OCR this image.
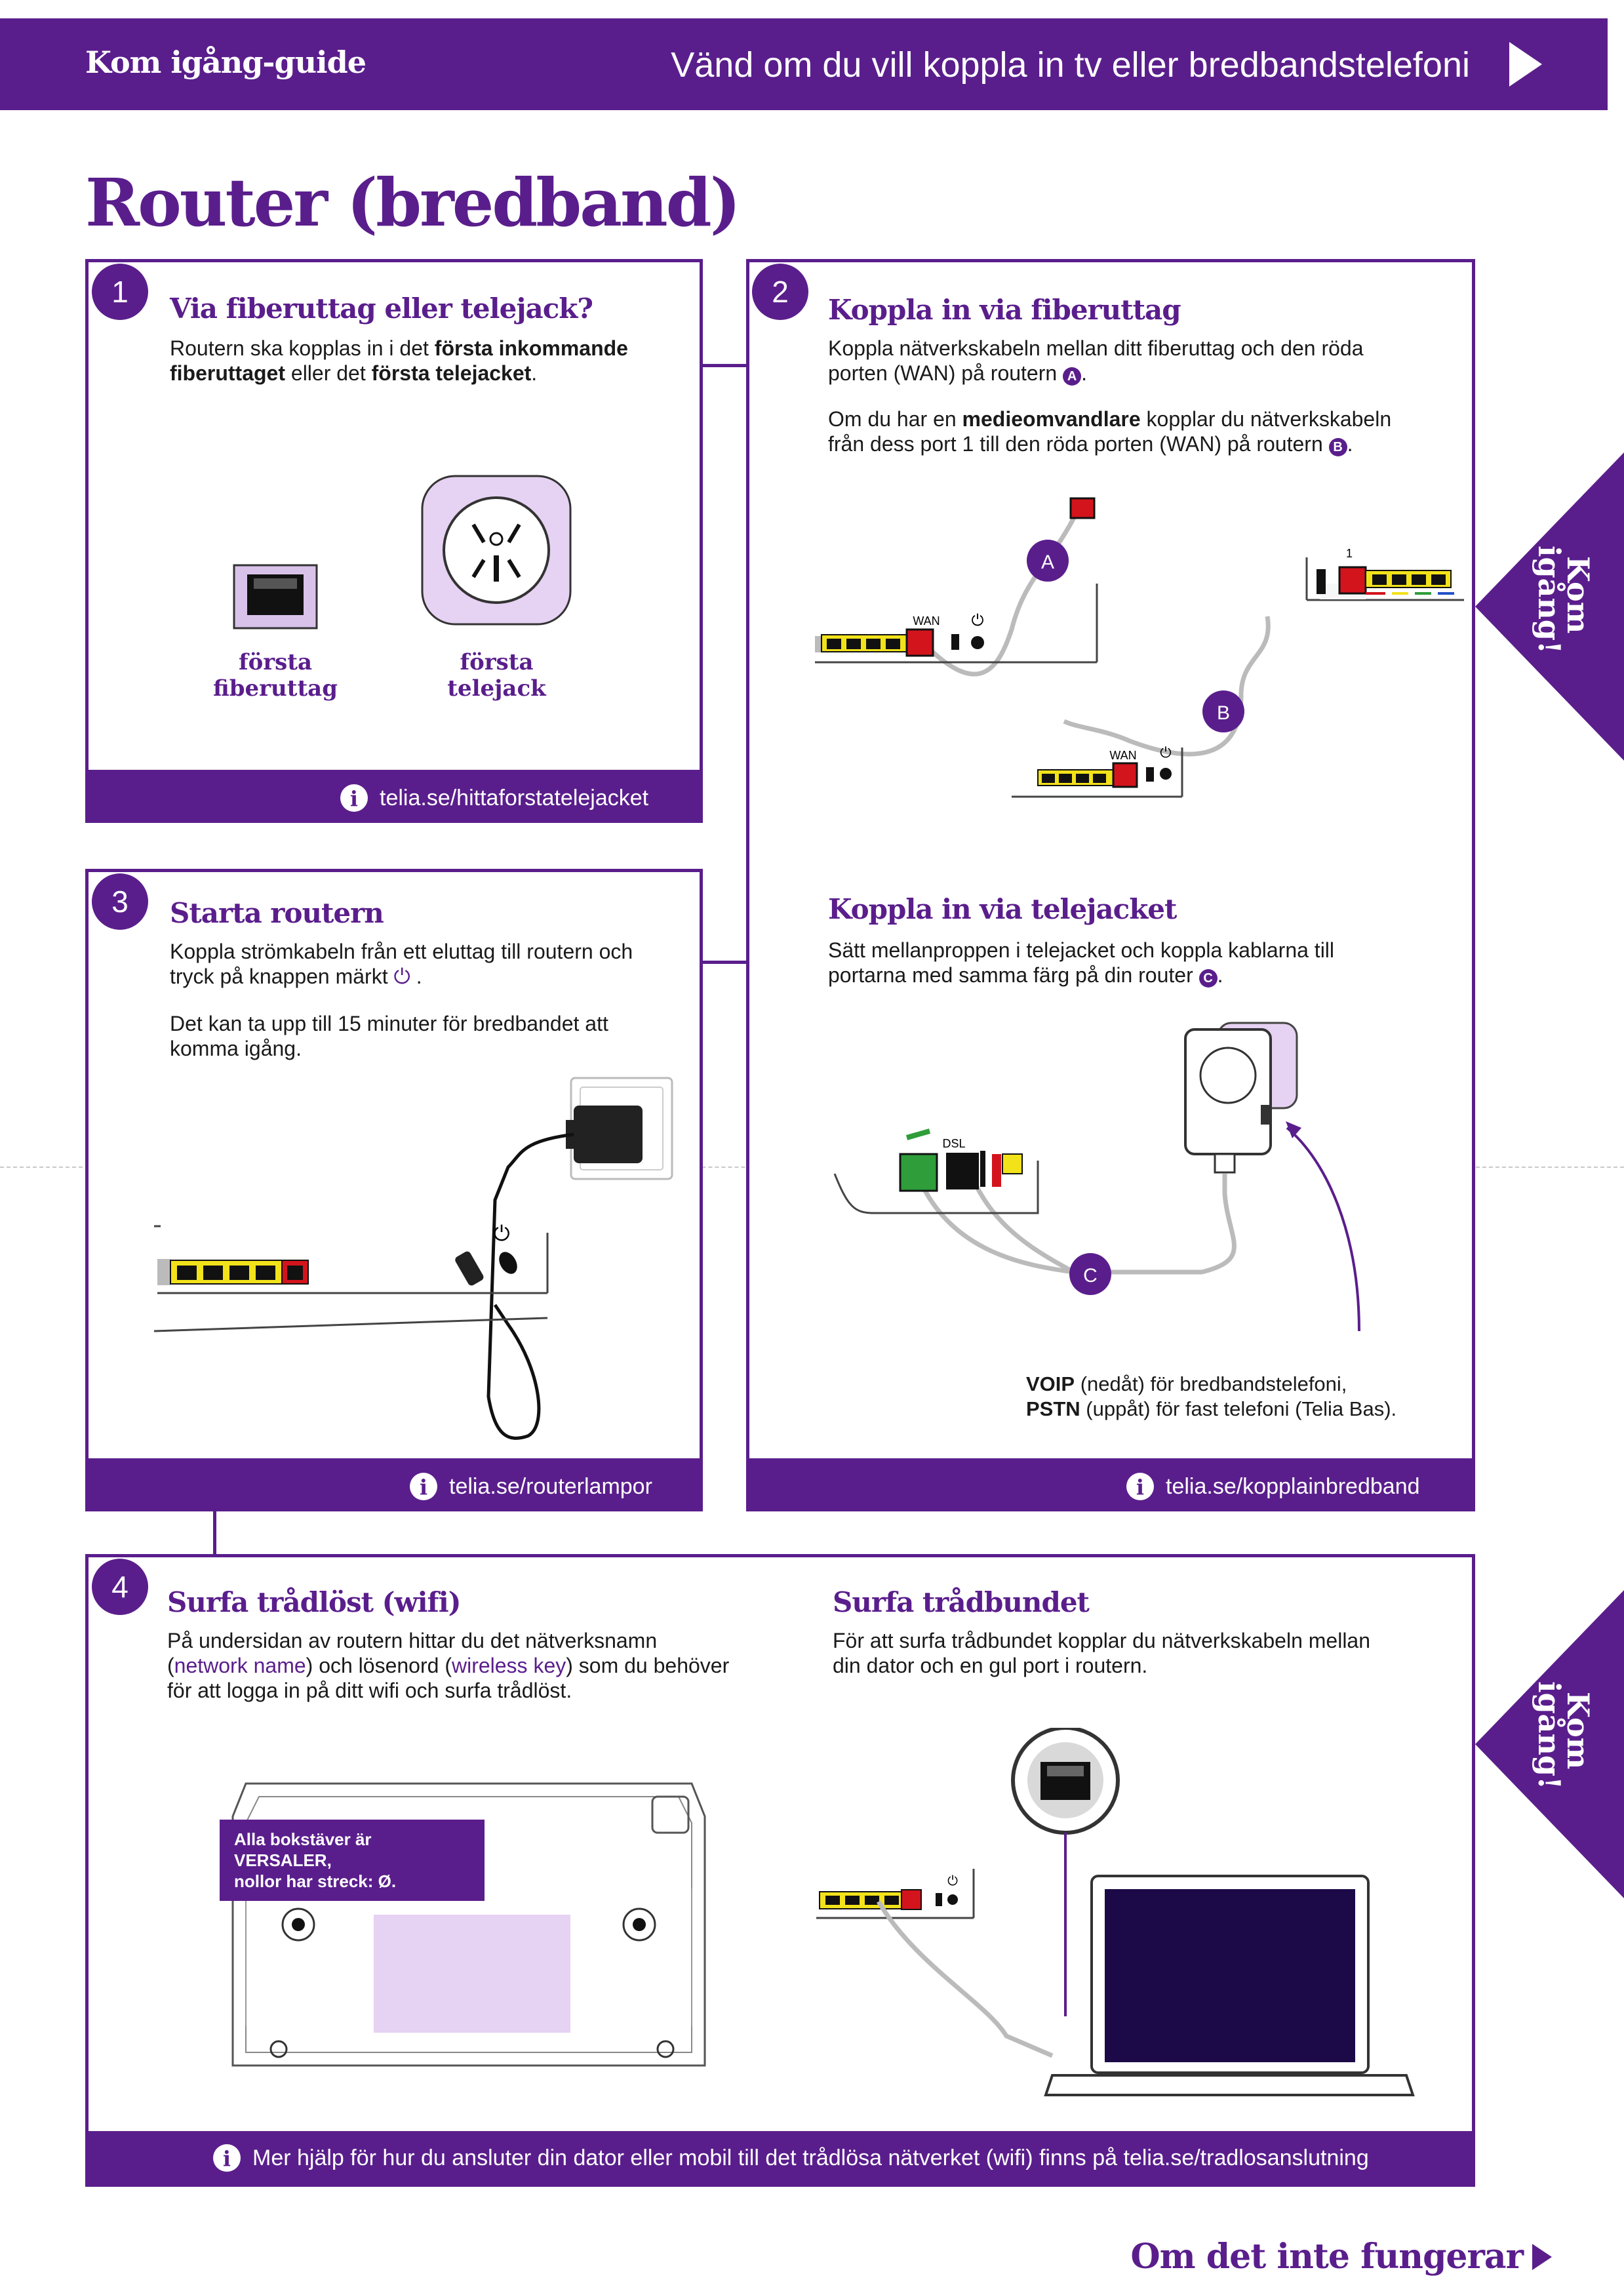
Kom igång-guide	Vänd om du vill koppla in tv eller bredbandstelefoni
Router (bredband)
Kom
igång!
Kom
igång!
Routern ska kopplas in i det första inkommande fiberuttaget eller det första telejacket.
Via fiberuttag eller telejack?
första
fiberuttag
första
telejack
i telia.se/hittaforstatelejacket
1
Koppla in via fiberuttag
Koppla nätverkskabeln mellan ditt fiberuttag och den röda porten (WAN) på routern A .
Om du har en medieomvandlare kopplar du nätverkskabeln från dess port 1 till den röda porten (WAN) på routern B .
A
WAN ⏻
B
1
WAN ⏻
Koppla in via telejacket
Sätt mellanproppen i telejacket och koppla kablarna till portarna med samma färg på din router C .
C
DSL
VOIP (nedåt) för bredbandstelefoni,
PSTN (uppåt) för fast telefoni (Telia Bas).
i telia.se/kopplainbredband
2
Starta routern
Koppla strömkabeln från ett eluttag till routern och tryck på knappen märkt ⏻ .
Det kan ta upp till 15 minuter för bredbandet att komma igång.
⏻
i telia.se/routerlampor
3
Surfa trådlöst (wifi)
På undersidan av routern hittar du det nätverksnamn (network name) och lösenord (wireless key) som du behöver för att logga in på ditt wifi och surfa trådlöst.
Alla bokstäver är VERSALER,
nollor har streck: Ø.
Surfa trådbundet
För att surfa trådbundet kopplar du nätverkskabeln mellan din dator och en gul port i routern.
⏻
i Mer hjälp för hur du ansluter din dator eller mobil till det trådlösa nätverket (wifi) finns på telia.se/tradlosanslutning
4
Om det inte fungerar
